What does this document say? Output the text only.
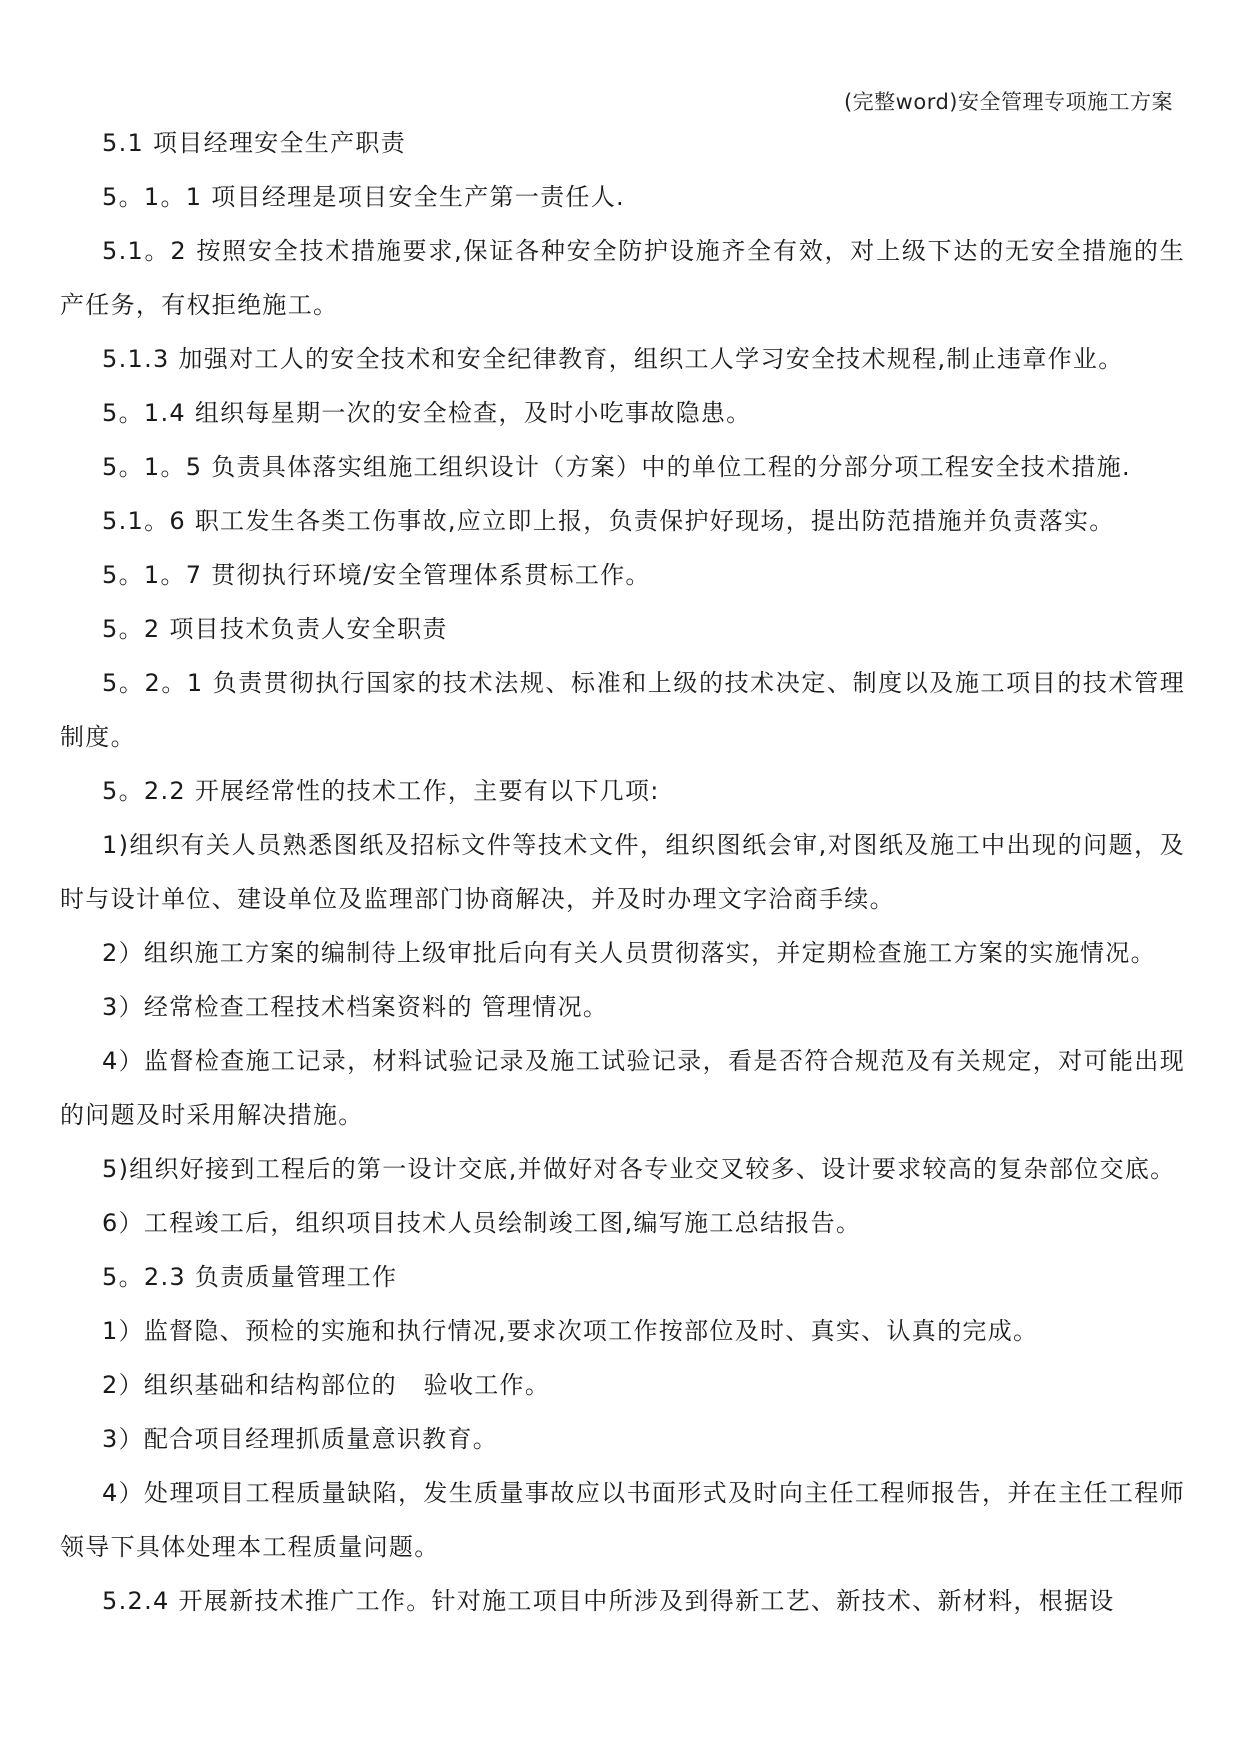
(完整word)安全管理专项施工方案

5.1 项目经理安全生产职责

5。1。1 项目经理是项目安全生产第一责任人.

5.1。2 按照安全技术措施要求,保证各种安全防护设施齐全有效，对上级下达的无安全措施的生产任务，有权拒绝施工。

5.1.3 加强对工人的安全技术和安全纪律教育，组织工人学习安全技术规程,制止违章作业。

5。1.4 组织每星期一次的安全检查，及时小吃事故隐患。

5。1。5 负责具体落实组施工组织设计（方案）中的单位工程的分部分项工程安全技术措施.

5.1。6 职工发生各类工伤事故,应立即上报，负责保护好现场，提出防范措施并负责落实。

5。1。7 贯彻执行环境/安全管理体系贯标工作。

5。2 项目技术负责人安全职责

5。2。1 负责贯彻执行国家的技术法规、标准和上级的技术决定、制度以及施工项目的技术管理制度。

5。2.2 开展经常性的技术工作，主要有以下几项:

1)组织有关人员熟悉图纸及招标文件等技术文件，组织图纸会审,对图纸及施工中出现的问题，及时与设计单位、建设单位及监理部门协商解决，并及时办理文字洽商手续。

2）组织施工方案的编制待上级审批后向有关人员贯彻落实，并定期检查施工方案的实施情况。

3）经常检查工程技术档案资料的 管理情况。

4）监督检查施工记录，材料试验记录及施工试验记录，看是否符合规范及有关规定，对可能出现的问题及时采用解决措施。

5)组织好接到工程后的第一设计交底,并做好对各专业交叉较多、设计要求较高的复杂部位交底。

6）工程竣工后，组织项目技术人员绘制竣工图,编写施工总结报告。

5。2.3 负责质量管理工作

1）监督隐、预检的实施和执行情况,要求次项工作按部位及时、真实、认真的完成。

2）组织基础和结构部位的   验收工作。

3）配合项目经理抓质量意识教育。

4）处理项目工程质量缺陷，发生质量事故应以书面形式及时向主任工程师报告，并在主任工程师领导下具体处理本工程质量问题。

5.2.4 开展新技术推广工作。针对施工项目中所涉及到得新工艺、新技术、新材料，根据设
